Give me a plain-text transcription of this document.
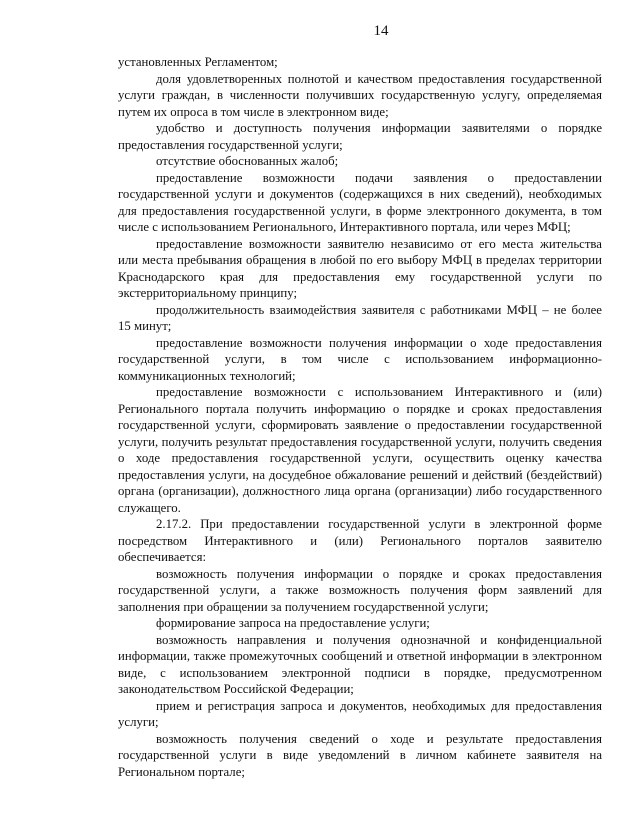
14

установленных Регламентом;

доля удовлетворенных полнотой и качеством предоставления государственной услуги граждан, в численности получивших государственную услугу, определяемая путем их опроса в том числе в электронном виде;

удобство и доступность получения информации заявителями о порядке предоставления государственной услуги;

отсутствие обоснованных жалоб;

предоставление возможности подачи заявления о предоставлении государственной услуги и документов (содержащихся в них сведений), необходимых для предоставления государственной услуги, в форме электронного документа, в том числе с использованием Регионального, Интерактивного портала, или через МФЦ;

предоставление возможности заявителю независимо от его места жительства или места пребывания обращения в любой по его выбору МФЦ в пределах территории Краснодарского края для предоставления ему государственной услуги по экстерриториальному принципу;

продолжительность взаимодействия заявителя с работниками МФЦ – не более 15 минут;

предоставление возможности получения информации о ходе предоставления государственной услуги, в том числе с использованием информационно-коммуникационных технологий;

предоставление возможности с использованием Интерактивного и (или) Регионального портала получить информацию о порядке и сроках предоставления государственной услуги, сформировать заявление о предоставлении государственной услуги, получить результат предоставления государственной услуги, получить сведения о ходе предоставления государственной услуги, осуществить оценку качества предоставления услуги, на досудебное обжалование решений и действий (бездействий) органа (организации), должностного лица органа (организации) либо государственного служащего.

2.17.2. При предоставлении государственной услуги в электронной форме посредством Интерактивного и (или) Регионального порталов заявителю обеспечивается:

возможность получения информации о порядке и сроках предоставления государственной услуги, а также возможность получения форм заявлений для заполнения при обращении за получением государственной услуги;

формирование запроса на предоставление услуги;

возможность направления и получения однозначной и конфиденциальной информации, также промежуточных сообщений и ответной информации в электронном виде, с использованием электронной подписи в порядке, предусмотренном законодательством Российской Федерации;

прием и регистрация запроса и документов, необходимых для предоставления услуги;

возможность получения сведений о ходе и результате предоставления государственной услуги в виде уведомлений в личном кабинете заявителя на Региональном портале;
